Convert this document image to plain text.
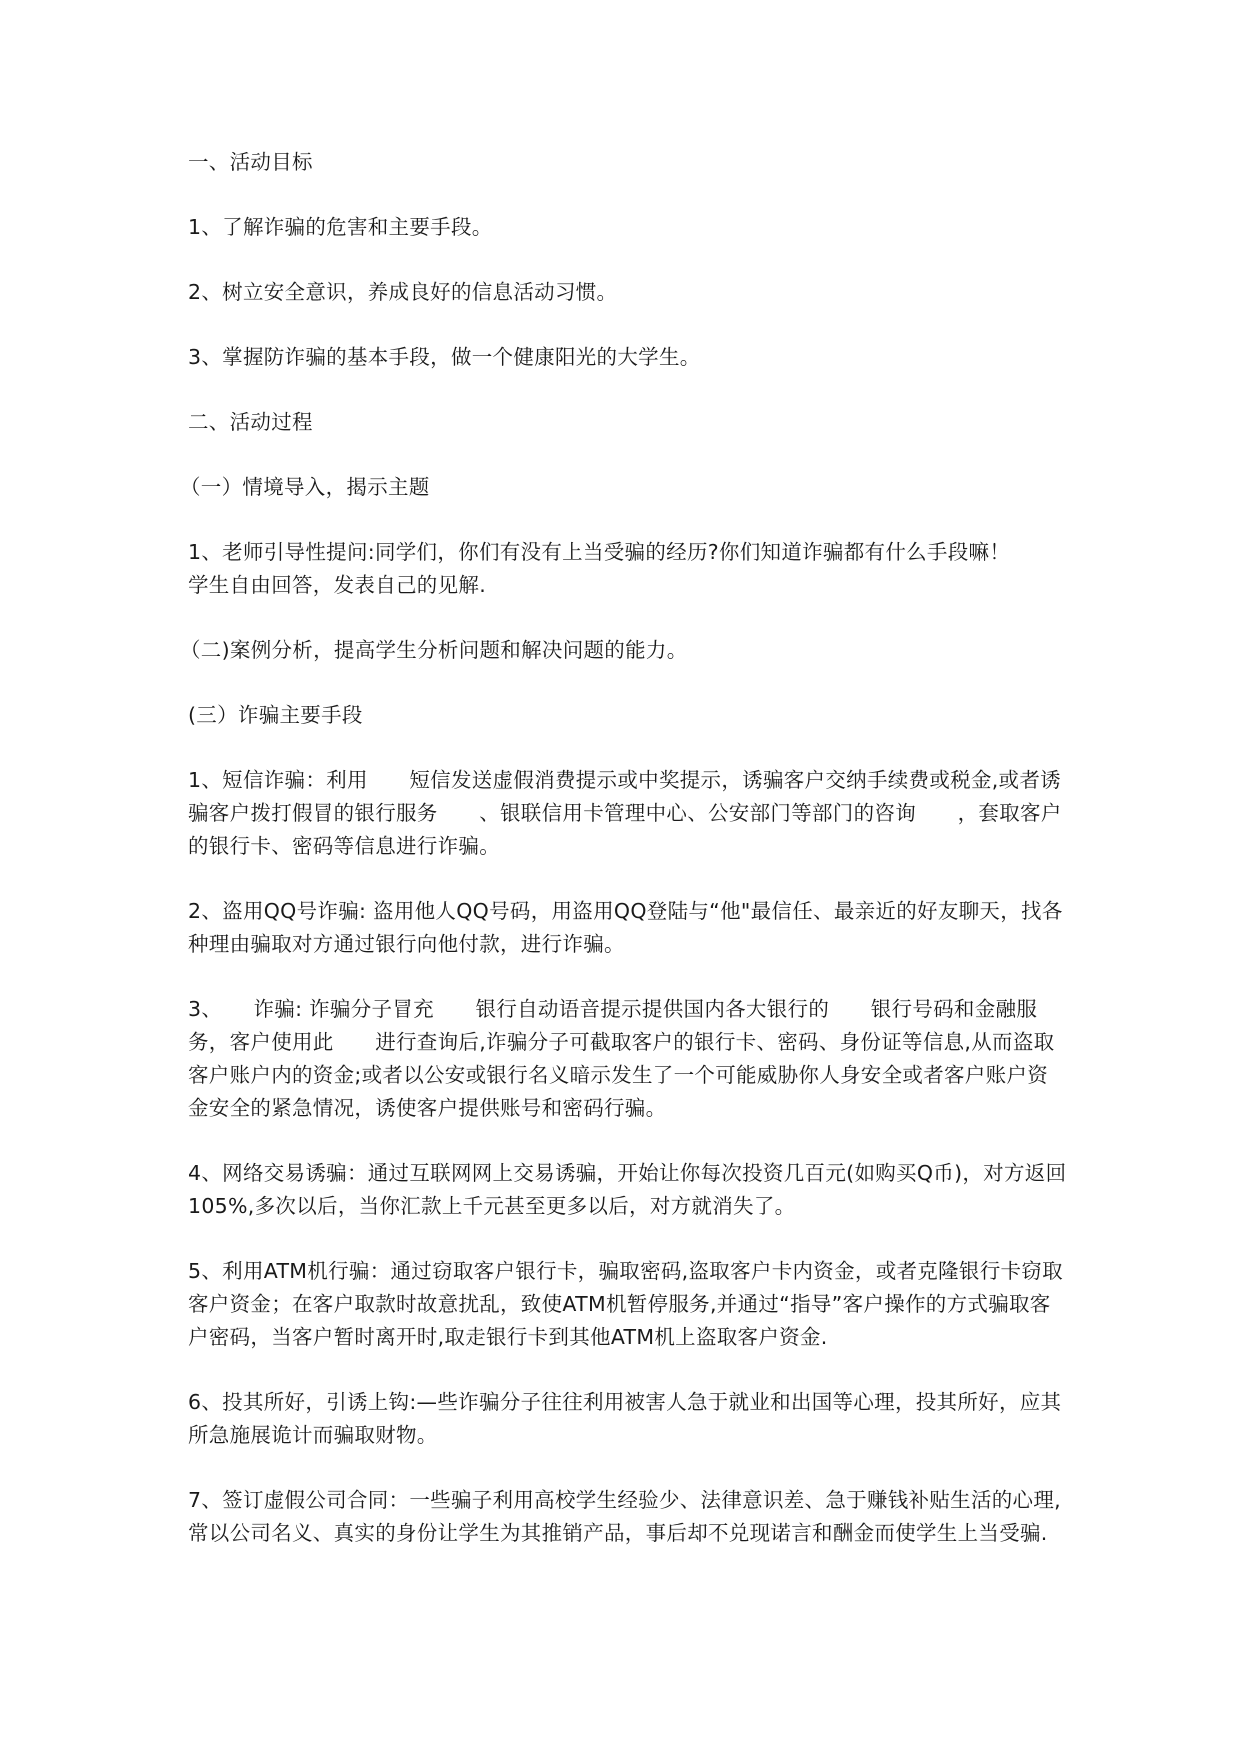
一、活动目标

1、了解诈骗的危害和主要手段。

2、树立安全意识，养成良好的信息活动习惯。

3、掌握防诈骗的基本手段，做一个健康阳光的大学生。

二、活动过程

（一）情境导入，揭示主题

1、老师引导性提问:同学们，你们有没有上当受骗的经历?你们知道诈骗都有什么手段嘛！
学生自由回答，发表自己的见解.

（二)案例分析，提高学生分析问题和解决问题的能力。

(三）诈骗主要手段

1、短信诈骗：利用　　短信发送虚假消费提示或中奖提示，诱骗客户交纳手续费或税金,或者诱骗客户拨打假冒的银行服务　　、银联信用卡管理中心、公安部门等部门的咨询　　，套取客户的银行卡、密码等信息进行诈骗。

2、盗用QQ号诈骗: 盗用他人QQ号码，用盗用QQ登陆与“他"最信任、最亲近的好友聊天，找各种理由骗取对方通过银行向他付款，进行诈骗。

3、　　诈骗: 诈骗分子冒充　　银行自动语音提示提供国内各大银行的　　银行号码和金融服务，客户使用此　　进行查询后,诈骗分子可截取客户的银行卡、密码、身份证等信息,从而盗取客户账户内的资金;或者以公安或银行名义暗示发生了一个可能威胁你人身安全或者客户账户资金安全的紧急情况，诱使客户提供账号和密码行骗。

4、网络交易诱骗：通过互联网网上交易诱骗，开始让你每次投资几百元(如购买Q币)，对方返回105%,多次以后，当你汇款上千元甚至更多以后，对方就消失了。

5、利用ATM机行骗：通过窃取客户银行卡，骗取密码,盗取客户卡内资金，或者克隆银行卡窃取客户资金；在客户取款时故意扰乱，致使ATM机暂停服务,并通过“指导”客户操作的方式骗取客户密码，当客户暂时离开时,取走银行卡到其他ATM机上盗取客户资金.

6、投其所好，引诱上钩:—些诈骗分子往往利用被害人急于就业和出国等心理，投其所好，应其所急施展诡计而骗取财物。

7、签订虚假公司合同：一些骗子利用高校学生经验少、法律意识差、急于赚钱补贴生活的心理,常以公司名义、真实的身份让学生为其推销产品，事后却不兑现诺言和酬金而使学生上当受骗.
